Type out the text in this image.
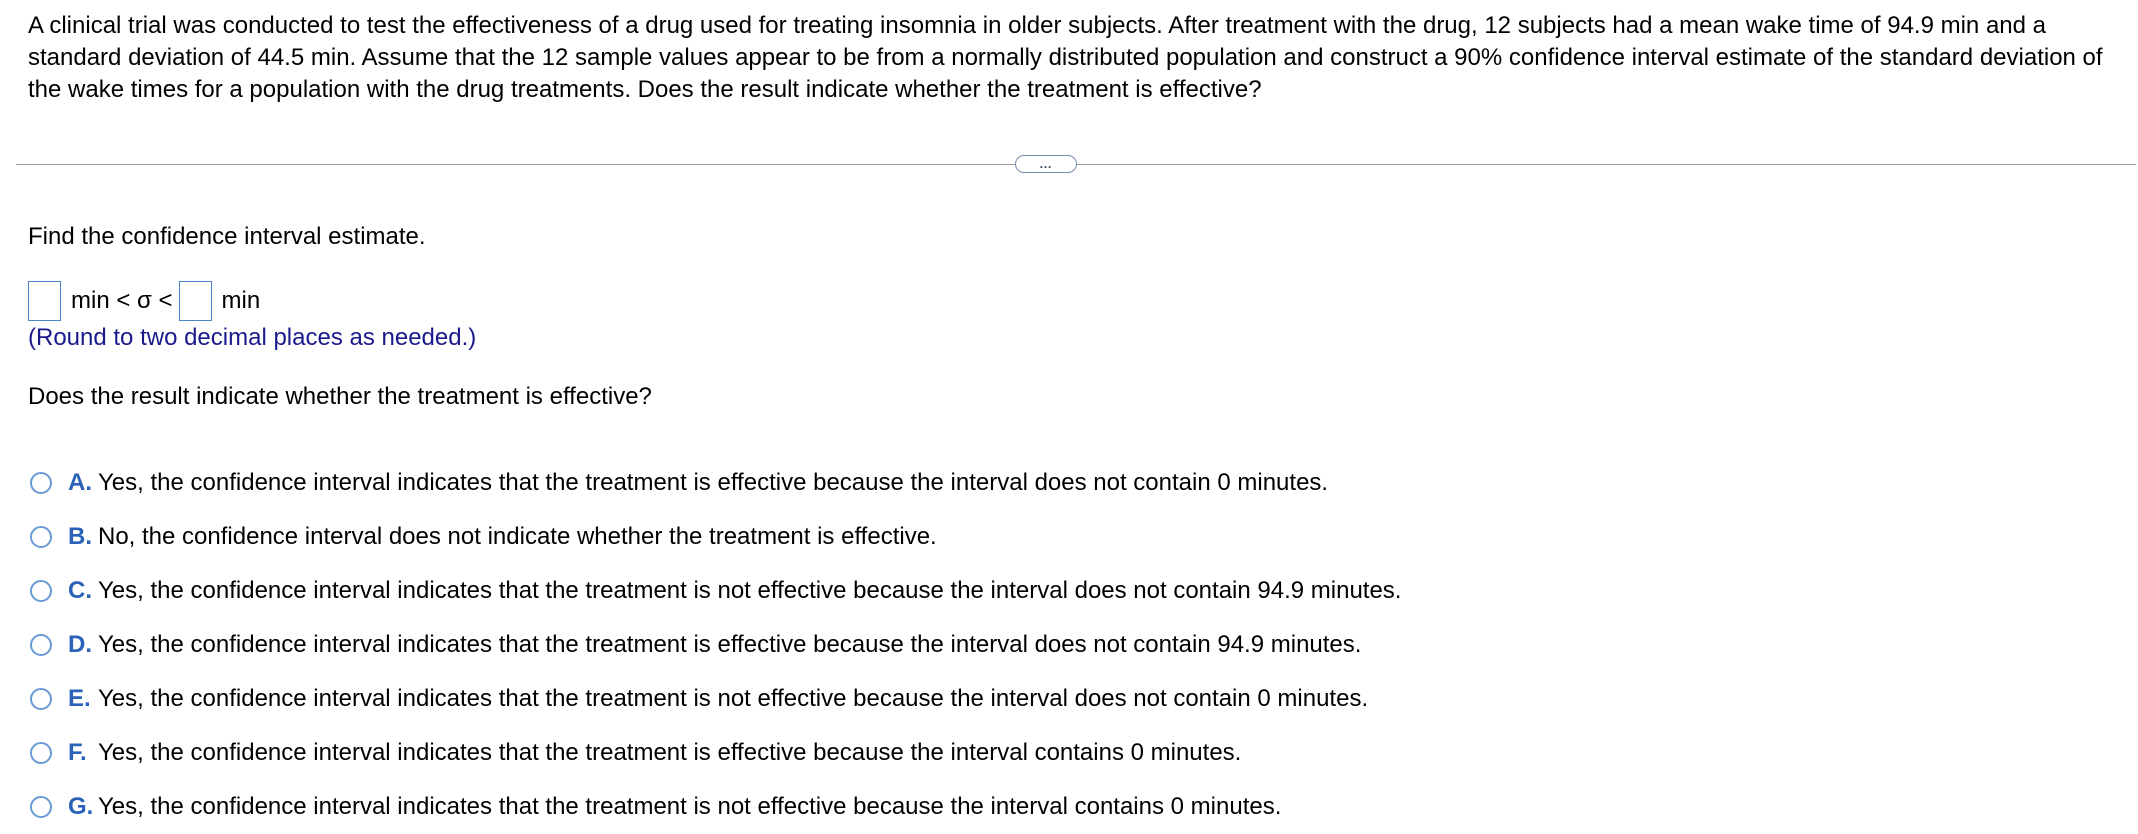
A clinical trial was conducted to test the effectiveness of a drug used for treating insomnia in older subjects. After treatment with the drug, 12 subjects had a mean wake time of 94.9 min and a standard deviation of 44.5 min. Assume that the 12 sample values appear to be from a normally distributed population and construct a 90% confidence interval estimate of the standard deviation of the wake times for a population with the drug treatments. Does the result indicate whether the treatment is effective?

…

Find the confidence interval estimate.

min < σ <	min

(Round to two decimal places as needed.)

Does the result indicate whether the treatment is effective?

A. Yes, the confidence interval indicates that the treatment is effective because the interval does not contain 0 minutes.
B. No, the confidence interval does not indicate whether the treatment is effective.
C. Yes, the confidence interval indicates that the treatment is not effective because the interval does not contain 94.9 minutes.
D. Yes, the confidence interval indicates that the treatment is effective because the interval does not contain 94.9 minutes.
E. Yes, the confidence interval indicates that the treatment is not effective because the interval does not contain 0 minutes.
F. Yes, the confidence interval indicates that the treatment is effective because the interval contains 0 minutes.
G. Yes, the confidence interval indicates that the treatment is not effective because the interval contains 0 minutes.
